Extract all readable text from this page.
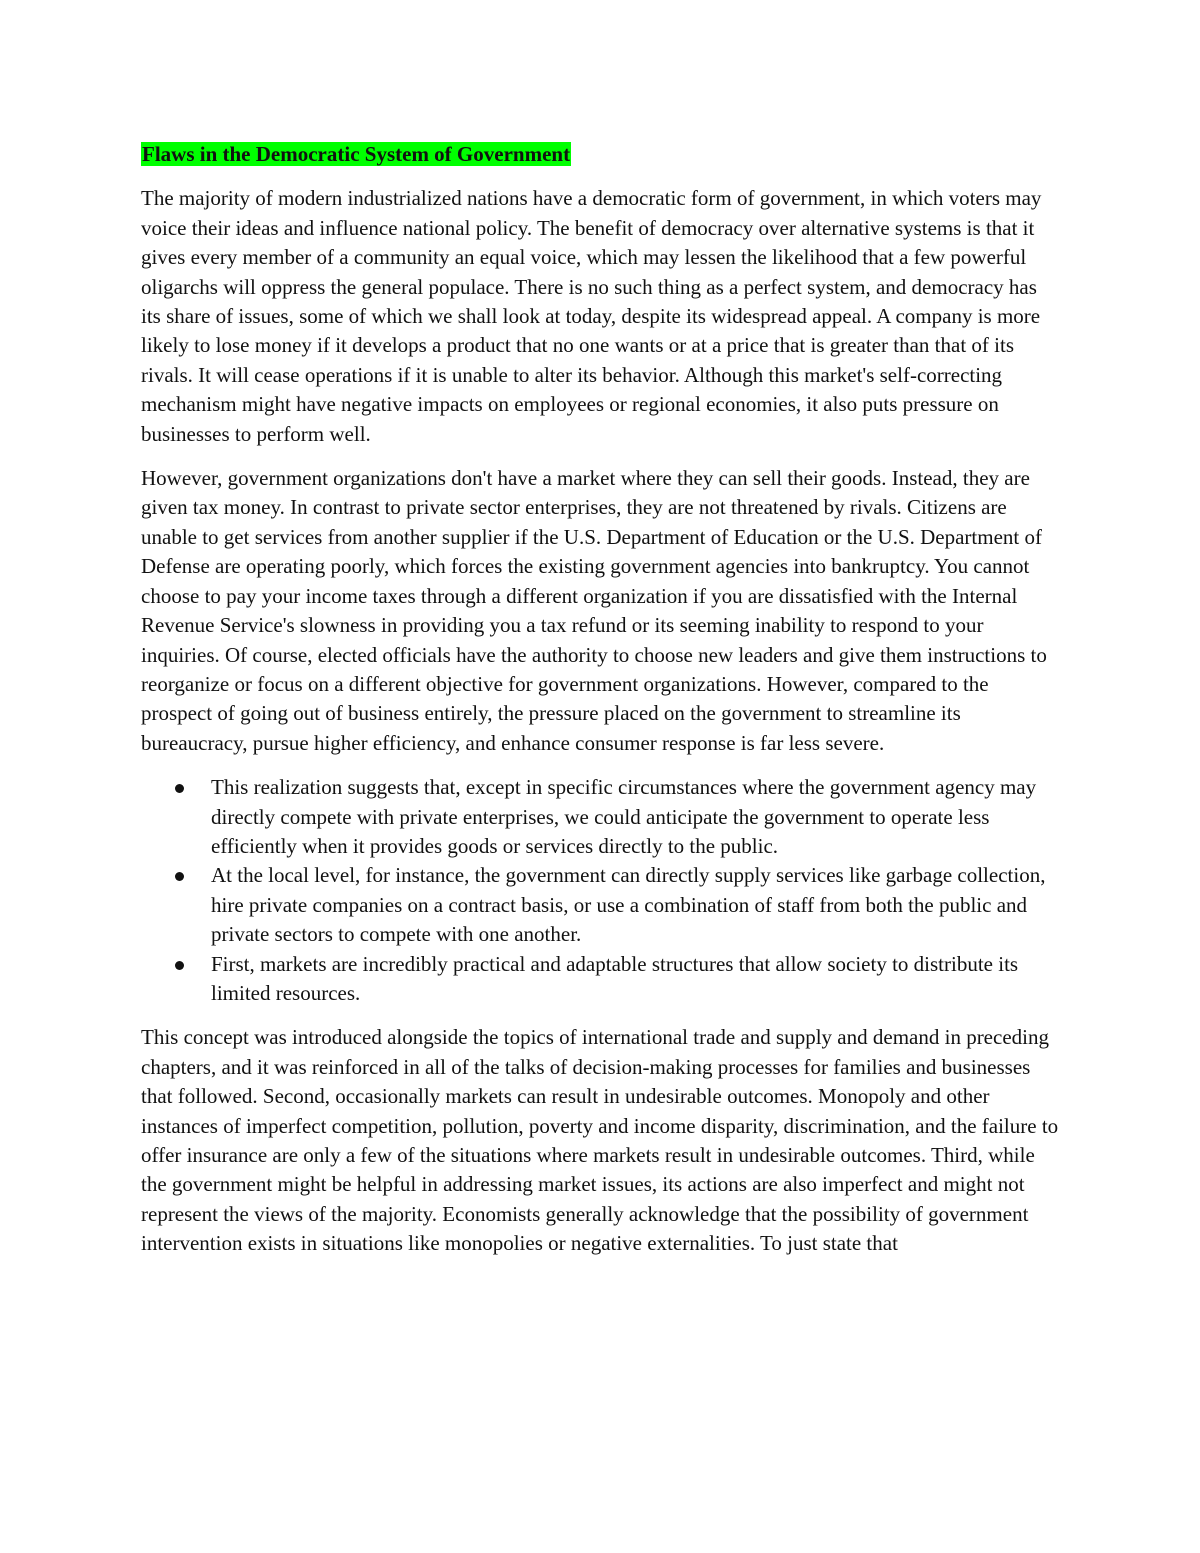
Flaws in the Democratic System of Government

The majority of modern industrialized nations have a democratic form of government, in which voters may voice their ideas and influence national policy. The benefit of democracy over alternative systems is that it gives every member of a community an equal voice, which may lessen the likelihood that a few powerful oligarchs will oppress the general populace. There is no such thing as a perfect system, and democracy has its share of issues, some of which we shall look at today, despite its widespread appeal. A company is more likely to lose money if it develops a product that no one wants or at a price that is greater than that of its rivals. It will cease operations if it is unable to alter its behavior. Although this market's self-correcting mechanism might have negative impacts on employees or regional economies, it also puts pressure on businesses to perform well.

However, government organizations don't have a market where they can sell their goods. Instead, they are given tax money. In contrast to private sector enterprises, they are not threatened by rivals. Citizens are unable to get services from another supplier if the U.S. Department of Education or the U.S. Department of Defense are operating poorly, which forces the existing government agencies into bankruptcy. You cannot choose to pay your income taxes through a different organization if you are dissatisfied with the Internal Revenue Service's slowness in providing you a tax refund or its seeming inability to respond to your inquiries. Of course, elected officials have the authority to choose new leaders and give them instructions to reorganize or focus on a different objective for government organizations. However, compared to the prospect of going out of business entirely, the pressure placed on the government to streamline its bureaucracy, pursue higher efficiency, and enhance consumer response is far less severe.

This realization suggests that, except in specific circumstances where the government agency may directly compete with private enterprises, we could anticipate the government to operate less efficiently when it provides goods or services directly to the public.
At the local level, for instance, the government can directly supply services like garbage collection, hire private companies on a contract basis, or use a combination of staff from both the public and private sectors to compete with one another.
First, markets are incredibly practical and adaptable structures that allow society to distribute its limited resources.

This concept was introduced alongside the topics of international trade and supply and demand in preceding chapters, and it was reinforced in all of the talks of decision-making processes for families and businesses that followed. Second, occasionally markets can result in undesirable outcomes. Monopoly and other instances of imperfect competition, pollution, poverty and income disparity, discrimination, and the failure to offer insurance are only a few of the situations where markets result in undesirable outcomes. Third, while the government might be helpful in addressing market issues, its actions are also imperfect and might not represent the views of the majority. Economists generally acknowledge that the possibility of government intervention exists in situations like monopolies or negative externalities. To just state that
